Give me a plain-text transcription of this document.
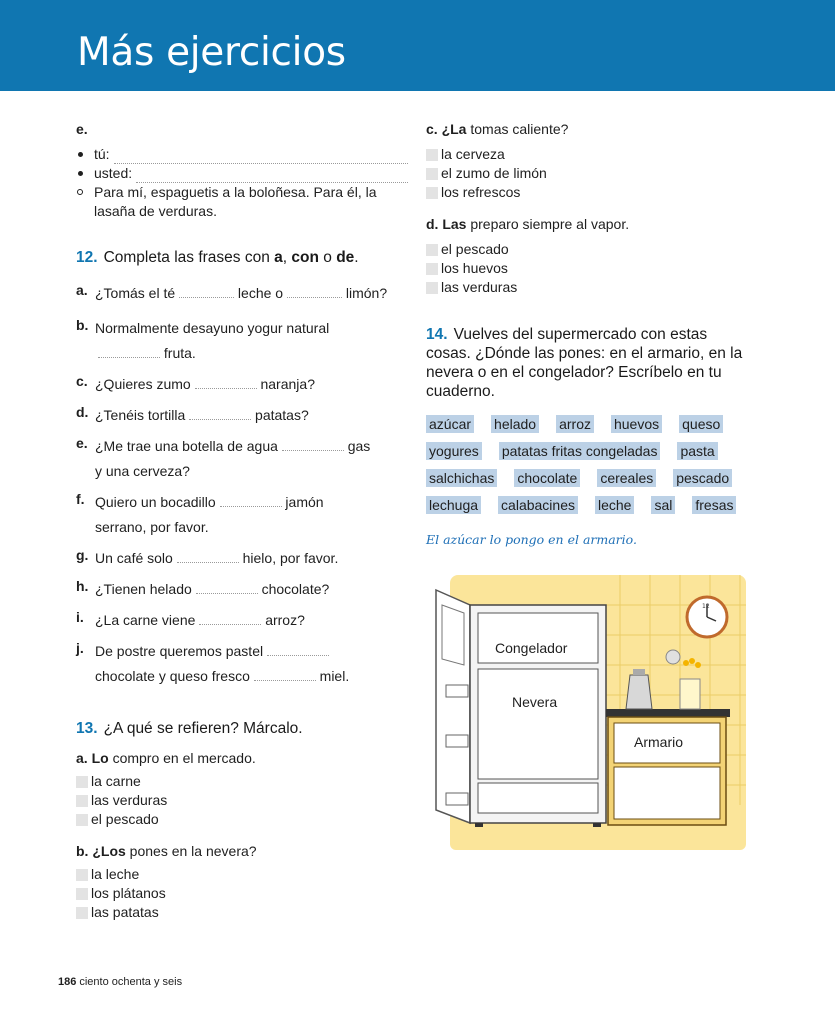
Más ejercicios
e.
tú:
usted:
Para mí, espaguetis a la boloñesa. Para él, la lasaña de verduras.
12. Completa las frases con a, con o de.
a. ¿Tomás el té	leche o	limón?

b. Normalmente desayuno yogur natural

fruta.

c. ¿Quieres zumo	naranja?

d. ¿Tenéis tortilla	patatas?

e. ¿Me trae una botella de agua	gas

y una cerveza?

f. Quiero un bocadillo	jamón

serrano, por favor.

g. Un café solo	hielo, por favor.

h. ¿Tienen helado	chocolate?

i. ¿La carne viene	arroz?

j. De postre queremos pastel

chocolate y queso fresco	miel.

13. ¿A qué se refieren? Márcalo.
a. Lo compro en el mercado.
la carne
las verduras
el pescado
b. ¿Los pones en la nevera?
la leche
los plátanos
las patatas
c. ¿La tomas caliente?
la cerveza
el zumo de limón
los refrescos
d. Las preparo siempre al vapor.
el pescado
los huevos
las verduras
14. Vuelves del supermercado con estas cosas. ¿Dónde las pones: en el armario, en la nevera o en el congelador? Escríbelo en tu cuaderno.
azúcar helado arroz huevos queso
yogures patatas fritas congeladas pasta
salchichas chocolate cereales pescado
lechuga calabacines leche sal fresas
El azúcar lo pongo en el armario.
12
Congelador
Nevera
Armario
186 ciento ochenta y seis
